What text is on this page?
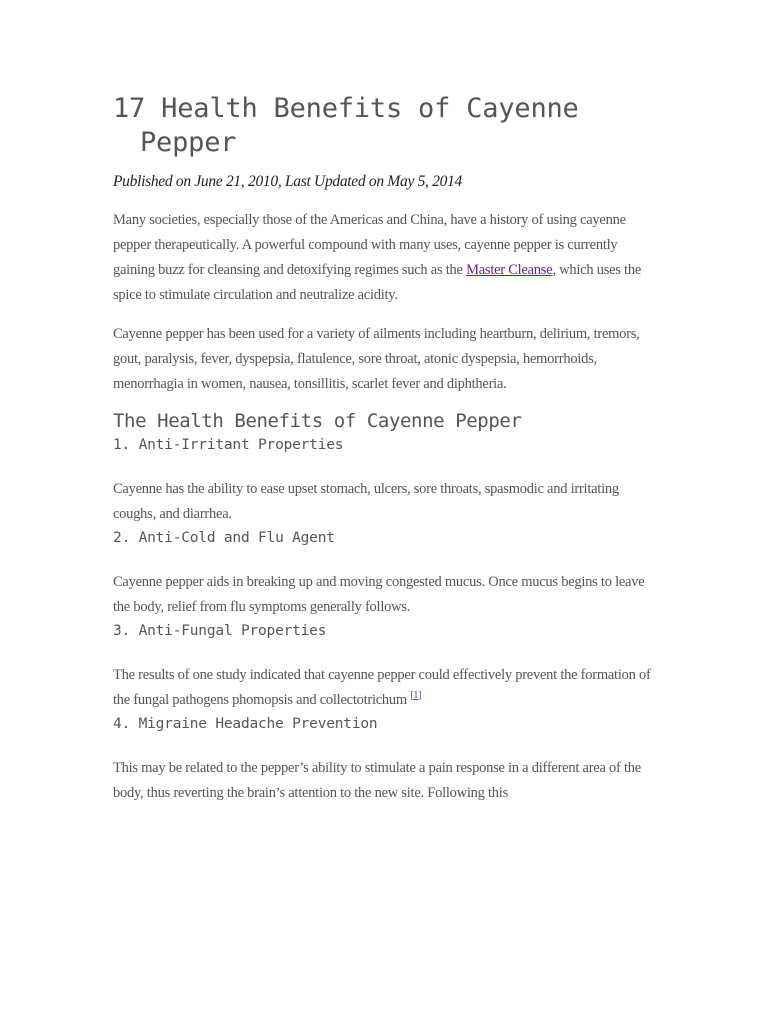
17 Health Benefits of Cayenne Pepper
Published on June 21, 2010, Last Updated on May 5, 2014

Many societies, especially those of the Americas and China, have a history of using cayenne pepper therapeutically. A powerful compound with many uses, cayenne pepper is currently gaining buzz for cleansing and detoxifying regimes such as the Master Cleanse, which uses the spice to stimulate circulation and neutralize acidity.

Cayenne pepper has been used for a variety of ailments including heartburn, delirium, tremors, gout, paralysis, fever, dyspepsia, flatulence, sore throat, atonic dyspepsia, hemorrhoids, menorrhagia in women, nausea, tonsillitis, scarlet fever and diphtheria.

The Health Benefits of Cayenne Pepper
1. Anti-Irritant Properties

Cayenne has the ability to ease upset stomach, ulcers, sore throats, spasmodic and irritating coughs, and diarrhea.

2. Anti-Cold and Flu Agent

Cayenne pepper aids in breaking up and moving congested mucus. Once mucus begins to leave the body, relief from flu symptoms generally follows.

3. Anti-Fungal Properties

The results of one study indicated that cayenne pepper could effectively prevent the formation of the fungal pathogens phomopsis and collectotrichum [1]

4. Migraine Headache Prevention

This may be related to the pepper’s ability to stimulate a pain response in a different area of the body, thus reverting the brain’s attention to the new site. Following this
